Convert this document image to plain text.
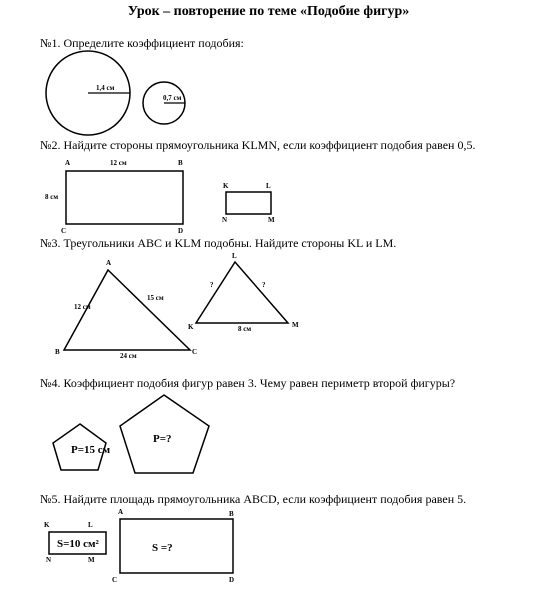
Урок – повторение по теме «Подобие фигур»
№1. Определите коэффициент подобия:
№2. Найдите стороны прямоугольника KLMN, если коэффициент подобия равен 0,5.
№3. Треугольники ABC и KLM подобны. Найдите стороны KL и LM.
№4. Коэффициент подобия фигур равен 3. Чему равен периметр второй фигуры?
№5. Найдите площадь прямоугольника ABCD, если коэффициент подобия равен 5.
1,4 см
0,7 см
A	B
C	D
12 см
8 см
K	L
N	M
A
B	C
12 см
15 см
24 см
L
K	M
?	?
8 см
P=15 см
P=?
K	L
N	M
S=10 см²
A	B
C	D
S =?
